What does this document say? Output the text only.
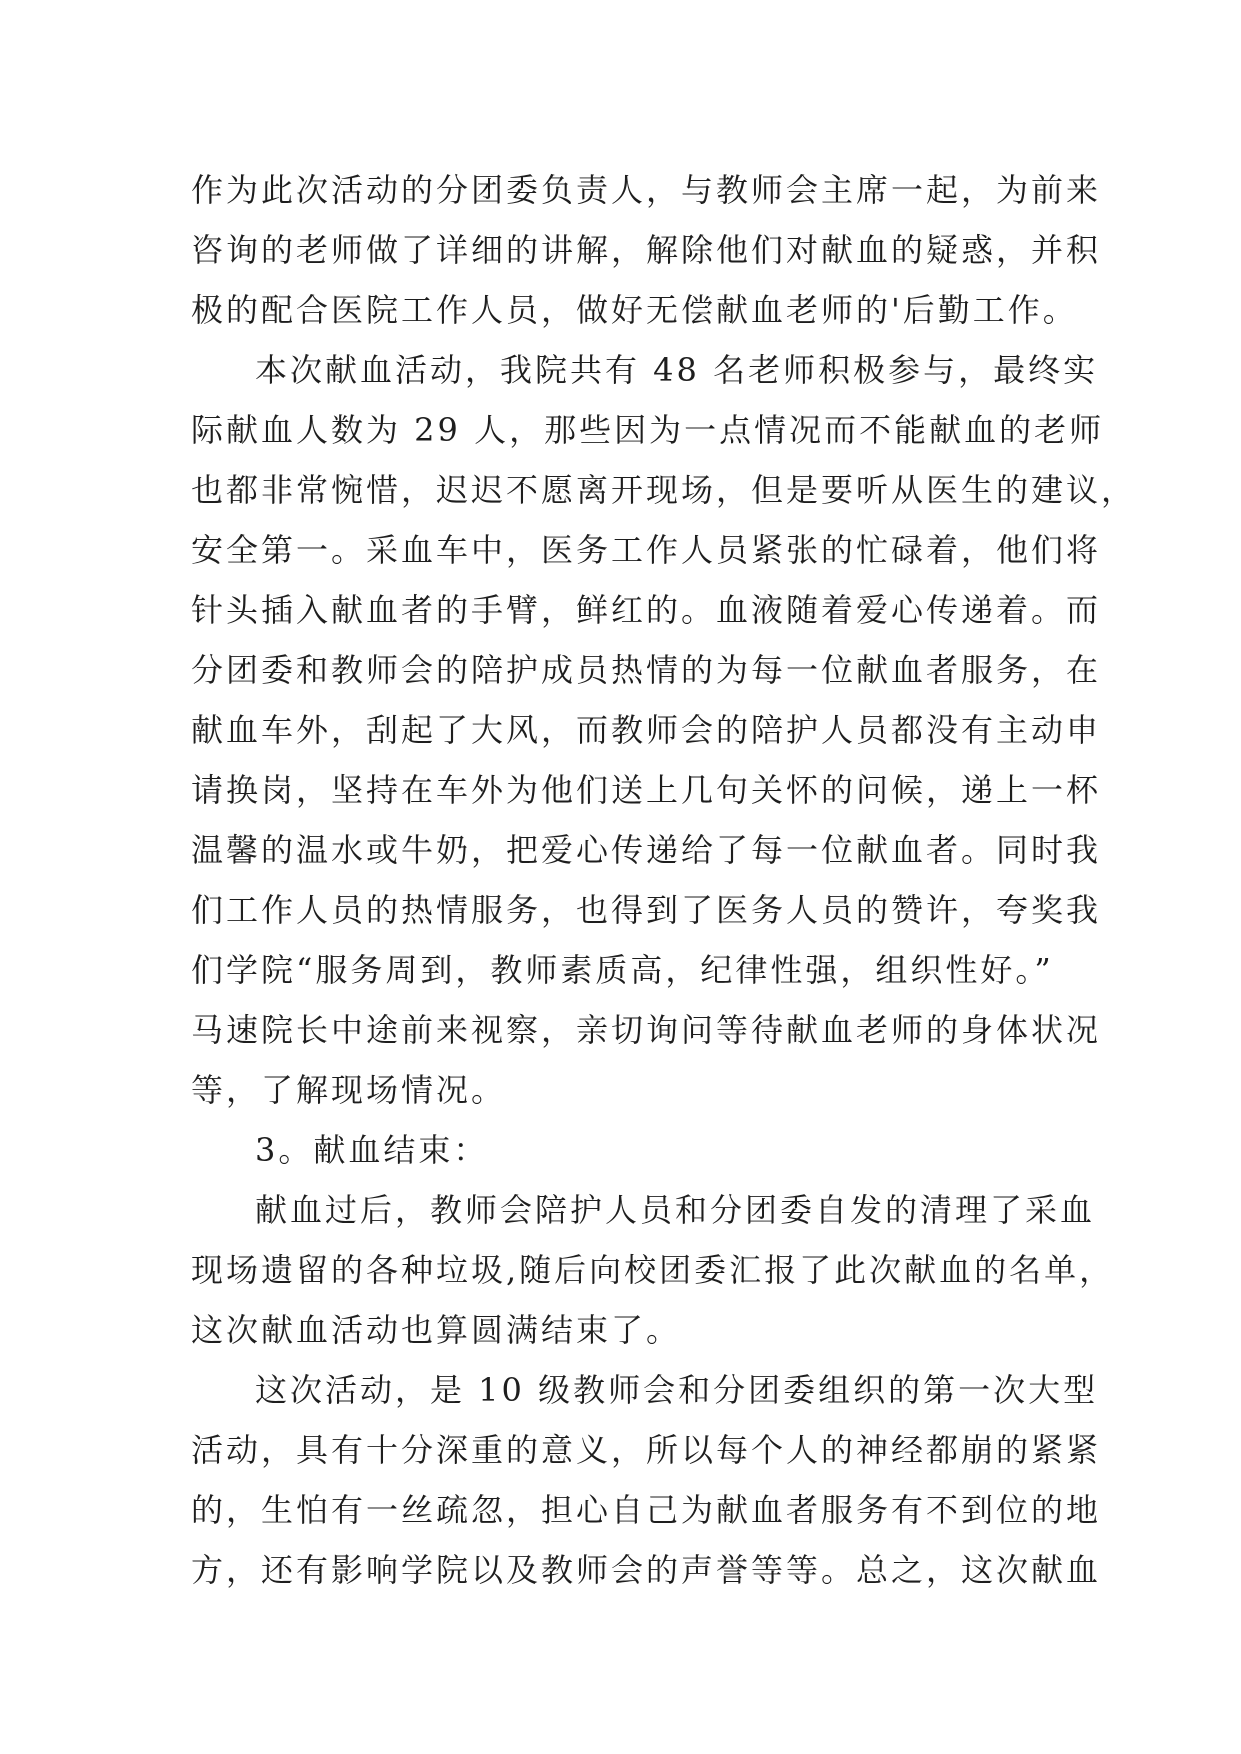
作为此次活动的分团委负责人，与教师会主席一起，为前来
咨询的老师做了详细的讲解，解除他们对献血的疑惑，并积
极的配合医院工作人员，做好无偿献血老师的'后勤工作。
本次献血活动，我院共有 48 名老师积极参与，最终实
际献血人数为 29 人，那些因为一点情况而不能献血的老师
也都非常惋惜，迟迟不愿离开现场，但是要听从医生的建议，
安全第一。采血车中，医务工作人员紧张的忙碌着，他们将
针头插入献血者的手臂，鲜红的。血液随着爱心传递着。而
分团委和教师会的陪护成员热情的为每一位献血者服务，在
献血车外，刮起了大风，而教师会的陪护人员都没有主动申
请换岗，坚持在车外为他们送上几句关怀的问候，递上一杯
温馨的温水或牛奶，把爱心传递给了每一位献血者。同时我
们工作人员的热情服务，也得到了医务人员的赞许，夸奖我
们学院“服务周到，教师素质高，纪律性强，组织性好。”
马速院长中途前来视察，亲切询问等待献血老师的身体状况
等，了解现场情况。
3。献血结束：
献血过后，教师会陪护人员和分团委自发的清理了采血
现场遗留的各种垃圾,随后向校团委汇报了此次献血的名单，
这次献血活动也算圆满结束了。
这次活动，是 10 级教师会和分团委组织的第一次大型
活动，具有十分深重的意义，所以每个人的神经都崩的紧紧
的，生怕有一丝疏忽，担心自己为献血者服务有不到位的地
方，还有影响学院以及教师会的声誉等等。总之，这次献血
